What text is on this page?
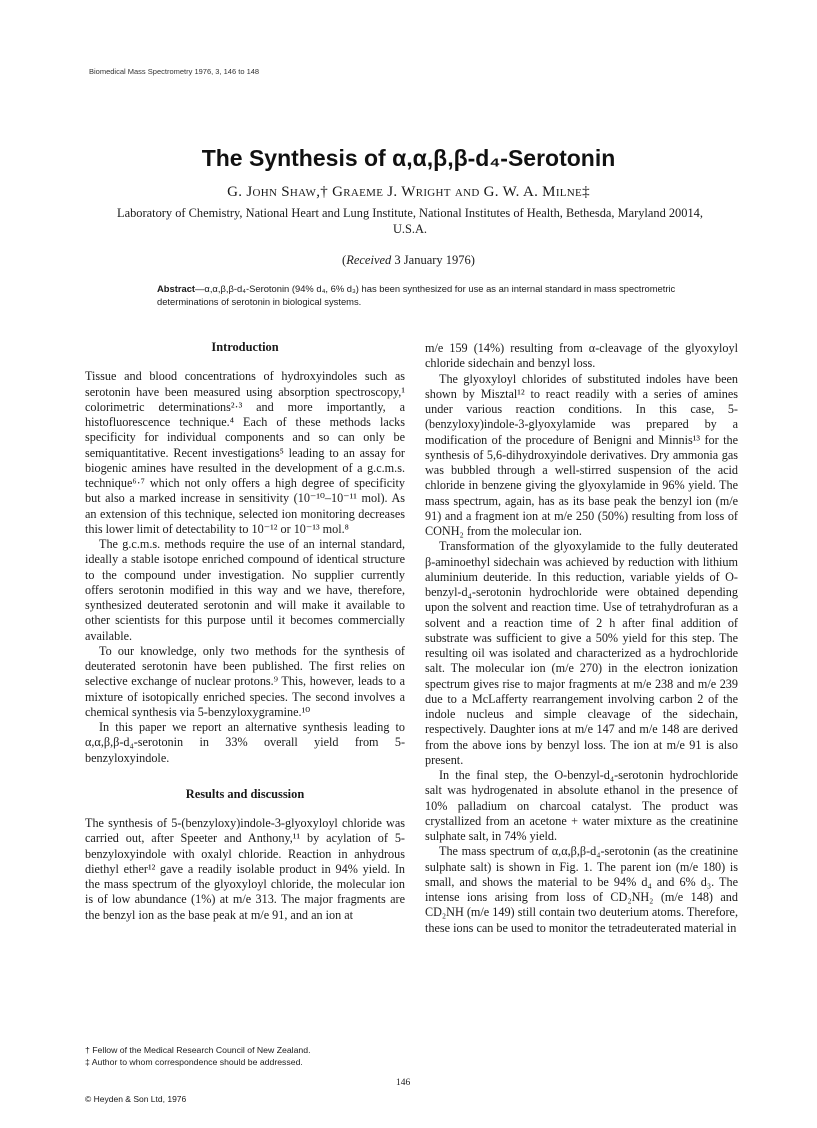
Biomedical Mass Spectrometry 1976, 3, 146 to 148
The Synthesis of α,α,β,β-d₄-Serotonin
G. John Shaw,† Graeme J. Wright and G. W. A. Milne‡
Laboratory of Chemistry, National Heart and Lung Institute, National Institutes of Health, Bethesda, Maryland 20014, U.S.A.
(Received 3 January 1976)
Abstract—α,α,β,β-d₄-Serotonin (94% d₄, 6% d₃) has been synthesized for use as an internal standard in mass spectrometric determinations of serotonin in biological systems.
Introduction

Tissue and blood concentrations of hydroxyindoles such as serotonin have been measured using absorption spectroscopy,¹ colorimetric determinations²·³ and more importantly, a histofluorescence technique.⁴ Each of these methods lacks specificity for individual components and so can only be semiquantitative. Recent investigations⁵ leading to an assay for biogenic amines have resulted in the development of a g.c.m.s. technique⁶·⁷ which not only offers a high degree of specificity but also a marked increase in sensitivity (10⁻¹⁰–10⁻¹¹ mol). As an extension of this technique, selected ion monitoring decreases this lower limit of detectability to 10⁻¹² or 10⁻¹³ mol.⁸

The g.c.m.s. methods require the use of an internal standard, ideally a stable isotope enriched compound of identical structure to the compound under investigation. No supplier currently offers serotonin modified in this way and we have, therefore, synthesized deuterated serotonin and will make it available to other scientists for this purpose until it becomes commercially available.

To our knowledge, only two methods for the synthesis of deuterated serotonin have been published. The first relies on selective exchange of nuclear protons.⁹ This, however, leads to a mixture of isotopically enriched species. The second involves a chemical synthesis via 5-benzyloxygramine.¹⁰

In this paper we report an alternative synthesis leading to α,α,β,β-d₄-serotonin in 33% overall yield from 5-benzyloxyindole.

Results and discussion

The synthesis of 5-(benzyloxy)indole-3-glyoxyloyl chloride was carried out, after Speeter and Anthony,¹¹ by acylation of 5-benzyloxyindole with oxalyl chloride. Reaction in anhydrous diethyl ether¹² gave a readily isolable product in 94% yield. In the mass spectrum of the glyoxyloyl chloride, the molecular ion is of low abundance (1%) at m/e 313. The major fragments are the benzyl ion as the base peak at m/e 91, and an ion at

m/e 159 (14%) resulting from α-cleavage of the glyoxyloyl chloride sidechain and benzyl loss.

The glyoxyloyl chlorides of substituted indoles have been shown by Misztal¹² to react readily with a series of amines under various reaction conditions. In this case, 5-(benzyloxy)indole-3-glyoxylamide was prepared by a modification of the procedure of Benigni and Minnis¹³ for the synthesis of 5,6-dihydroxyindole derivatives. Dry ammonia gas was bubbled through a well-stirred suspension of the acid chloride in benzene giving the glyoxylamide in 96% yield. The mass spectrum, again, has as its base peak the benzyl ion (m/e 91) and a fragment ion at m/e 250 (50%) resulting from loss of CONH₂ from the molecular ion.

Transformation of the glyoxylamide to the fully deuterated β-aminoethyl sidechain was achieved by reduction with lithium aluminium deuteride. In this reduction, variable yields of O-benzyl-d₄-serotonin hydrochloride were obtained depending upon the solvent and reaction time. Use of tetrahydrofuran as a solvent and a reaction time of 2 h after final addition of substrate was sufficient to give a 50% yield for this step. The resulting oil was isolated and characterized as a hydrochloride salt. The molecular ion (m/e 270) in the electron ionization spectrum gives rise to major fragments at m/e 238 and m/e 239 due to a McLafferty rearrangement involving carbon 2 of the indole nucleus and simple cleavage of the sidechain, respectively. Daughter ions at m/e 147 and m/e 148 are derived from the above ions by benzyl loss. The ion at m/e 91 is also present.

In the final step, the O-benzyl-d₄-serotonin hydrochloride salt was hydrogenated in absolute ethanol in the presence of 10% palladium on charcoal catalyst. The product was crystallized from an acetone + water mixture as the creatinine sulphate salt, in 74% yield.

The mass spectrum of α,α,β,β-d₄-serotonin (as the creatinine sulphate salt) is shown in Fig. 1. The parent ion (m/e 180) is small, and shows the material to be 94% d₄ and 6% d₃. The intense ions arising from loss of CD₂NH₂ (m/e 148) and CD₂NH (m/e 149) still contain two deuterium atoms. Therefore, these ions can be used to monitor the tetradeuterated material in

† Fellow of the Medical Research Council of New Zealand.
‡ Author to whom correspondence should be addressed.
146
© Heyden & Son Ltd, 1976
